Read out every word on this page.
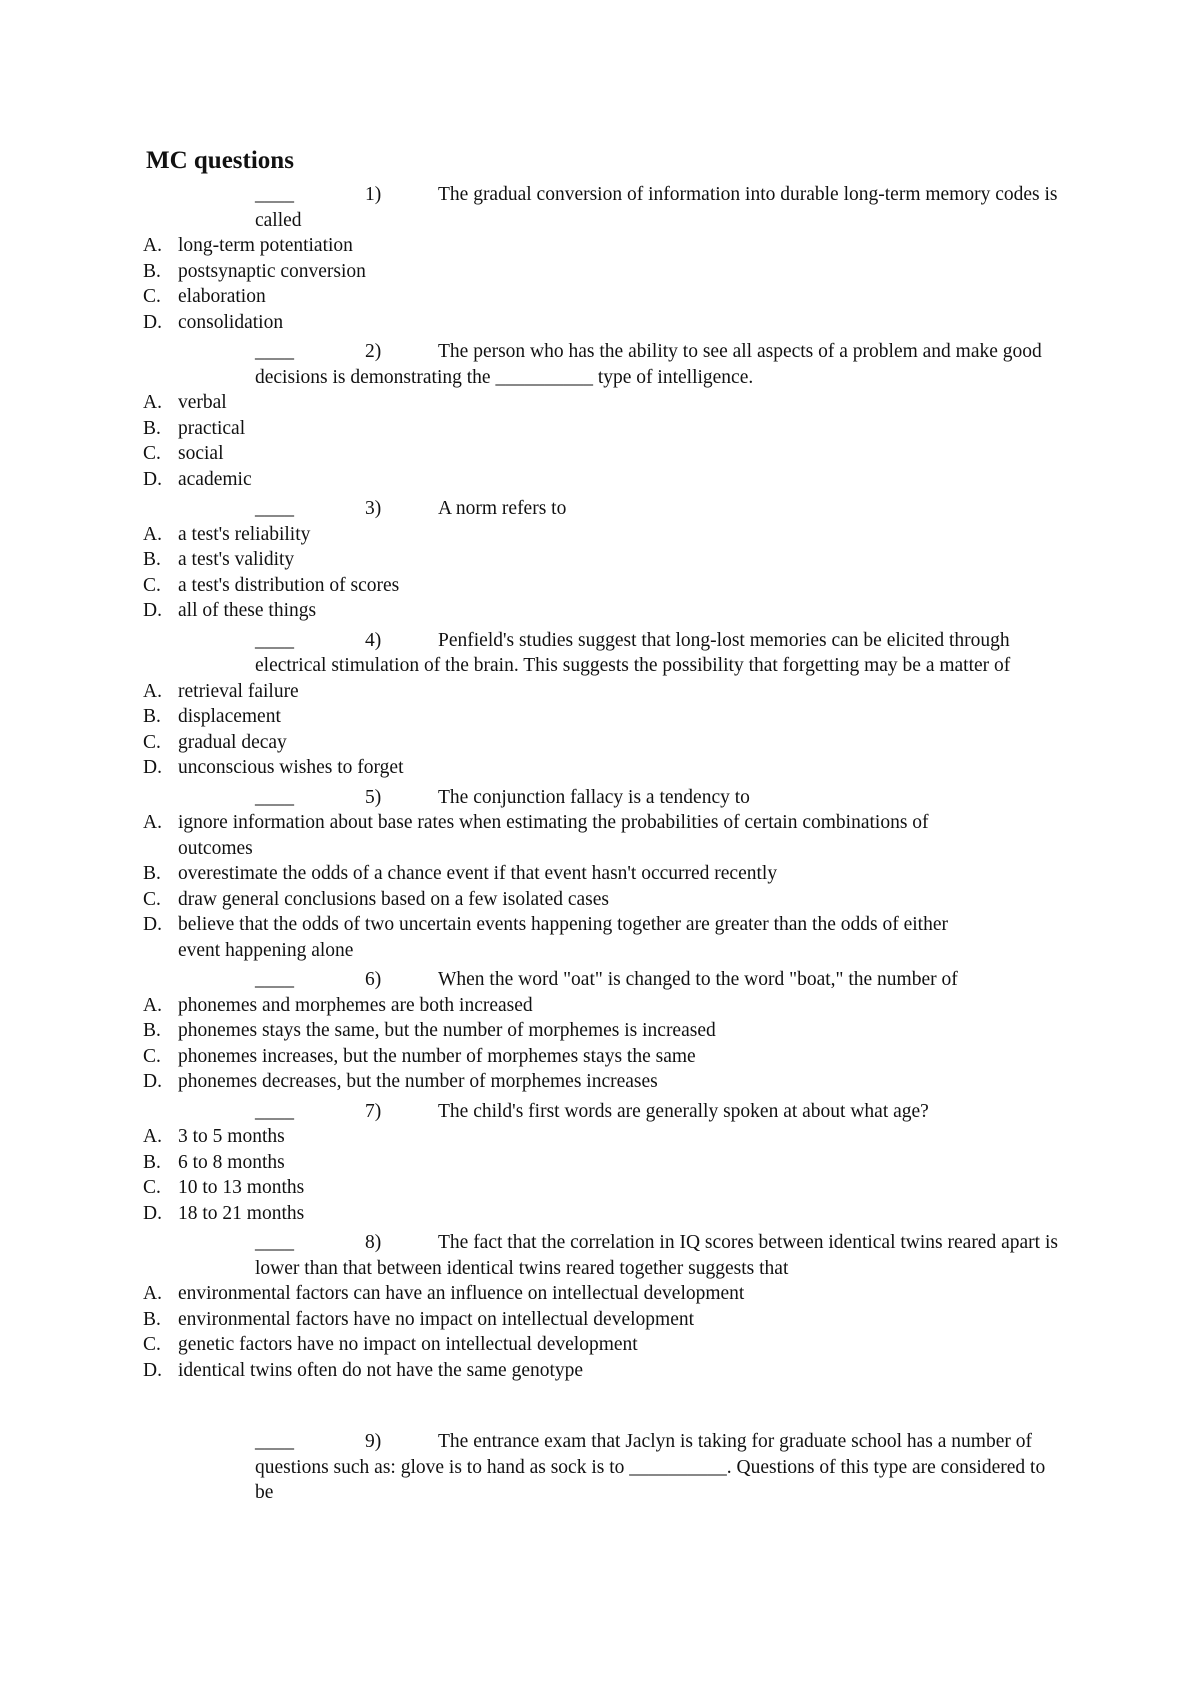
MC questions
____	1)	The gradual conversion of information into durable long-term memory codes is called
A. long-term potentiation
B. postsynaptic conversion
C. elaboration
D. consolidation
____	2)	The person who has the ability to see all aspects of a problem and make good decisions is demonstrating the __________ type of intelligence.
A. verbal
B. practical
C. social
D. academic
____	3)	A norm refers to
A. a test's reliability
B. a test's validity
C. a test's distribution of scores
D. all of these things
____	4)	Penfield's studies suggest that long-lost memories can be elicited through electrical stimulation of the brain. This suggests the possibility that forgetting may be a matter of
A. retrieval failure
B. displacement
C. gradual decay
D. unconscious wishes to forget
____	5)	The conjunction fallacy is a tendency to
A. ignore information about base rates when estimating the probabilities of certain combinations of outcomes
B. overestimate the odds of a chance event if that event hasn't occurred recently
C. draw general conclusions based on a few isolated cases
D. believe that the odds of two uncertain events happening together are greater than the odds of either event happening alone
____	6)	When the word "oat" is changed to the word "boat," the number of
A. phonemes and morphemes are both increased
B. phonemes stays the same, but the number of morphemes is increased
C. phonemes increases, but the number of morphemes stays the same
D. phonemes decreases, but the number of morphemes increases
____	7)	The child's first words are generally spoken at about what age?
A. 3 to 5 months
B. 6 to 8 months
C. 10 to 13 months
D. 18 to 21 months
____	8)	The fact that the correlation in IQ scores between identical twins reared apart is lower than that between identical twins reared together suggests that
A. environmental factors can have an influence on intellectual development
B. environmental factors have no impact on intellectual development
C. genetic factors have no impact on intellectual development
D. identical twins often do not have the same genotype
____	9)	The entrance exam that Jaclyn is taking for graduate school has a number of questions such as: glove is to hand as sock is to __________. Questions of this type are considered to be
